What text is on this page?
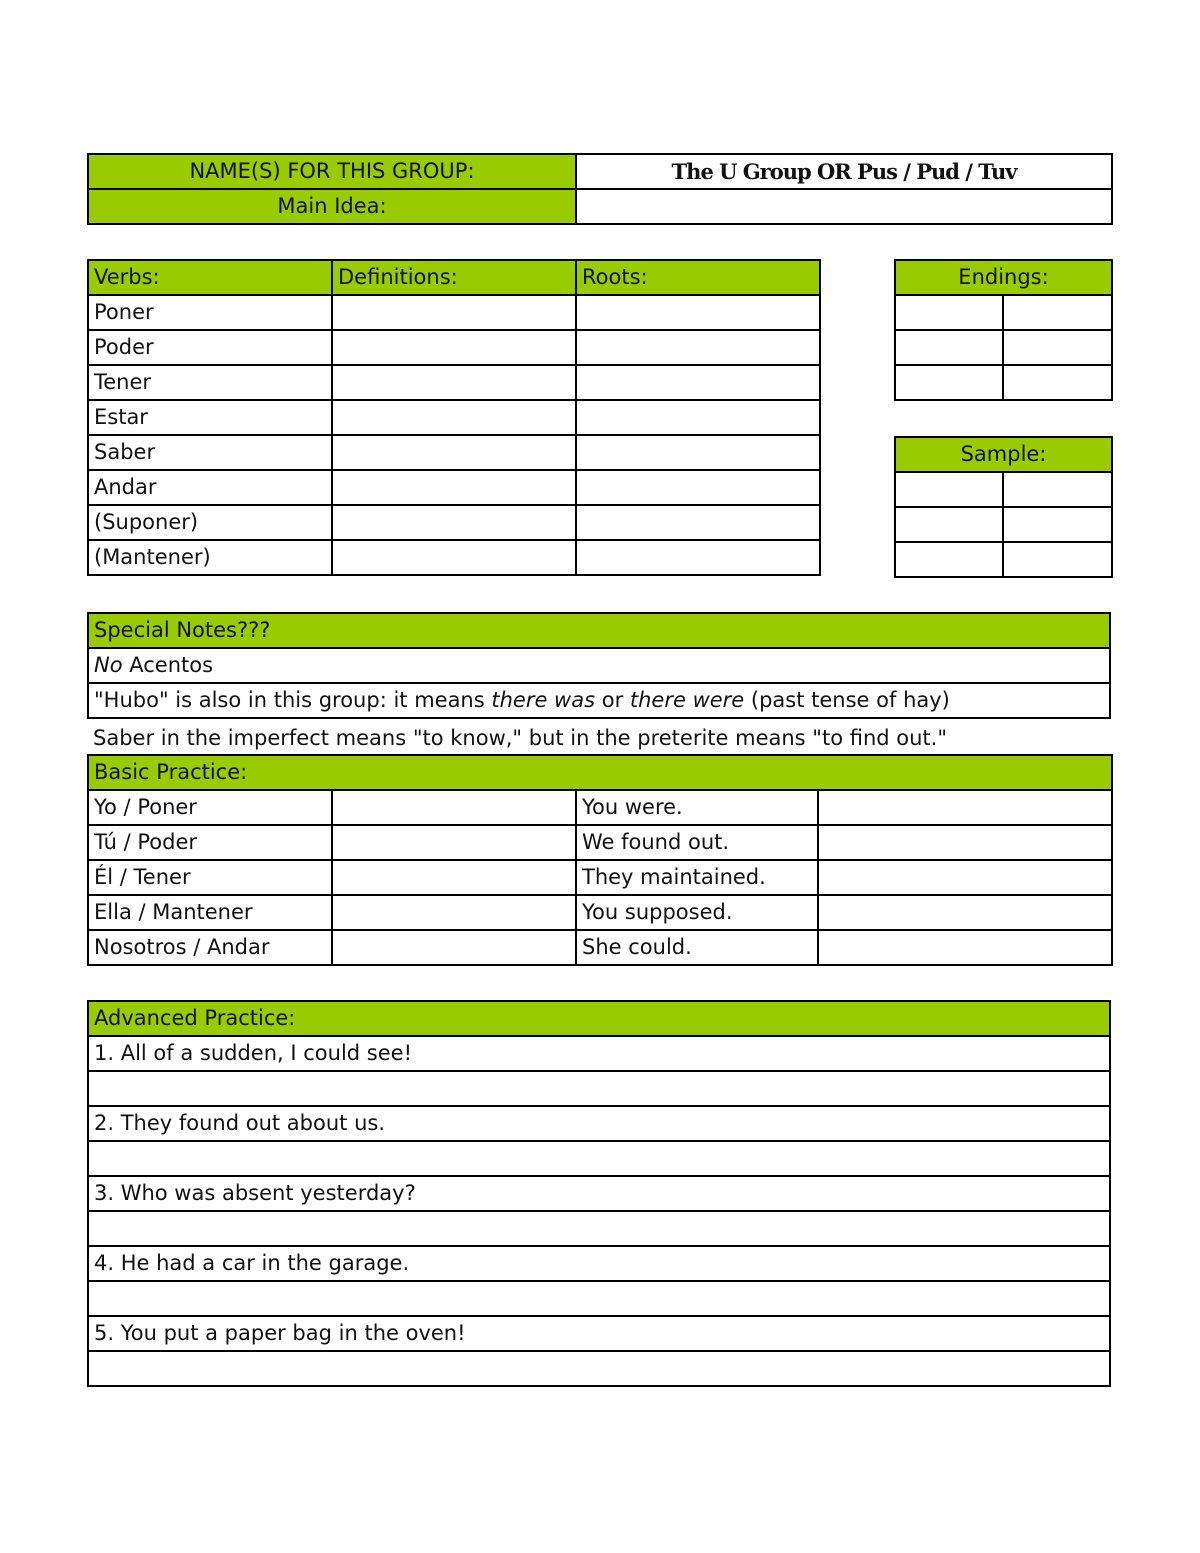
NAME(S) FOR THIS GROUP:	The U Group OR Pus / Pud / Tuv
Main Idea:	
Verbs:	Definitions:	Roots:
Poner		
Poder		
Tener		
Estar		
Saber		
Andar		
(Suponer)		
(Mantener)		
Endings:	

Sample:	

Special Notes???
No Acentos
"Hubo" is also in this group: it means there was or there were (past tense of hay)
Saber in the imperfect means "to know," but in the preterite means "to find out."
Basic Practice:			
Yo / Poner		You were.	
Tú / Poder		We found out.	
Él / Tener		They maintained.	
Ella / Mantener		You supposed.	
Nosotros / Andar		She could.	
Advanced Practice:
1. All of a sudden, I could see!

2. They found out about us.

3. Who was absent yesterday?

4. He had a car in the garage.

5. You put a paper bag in the oven!
